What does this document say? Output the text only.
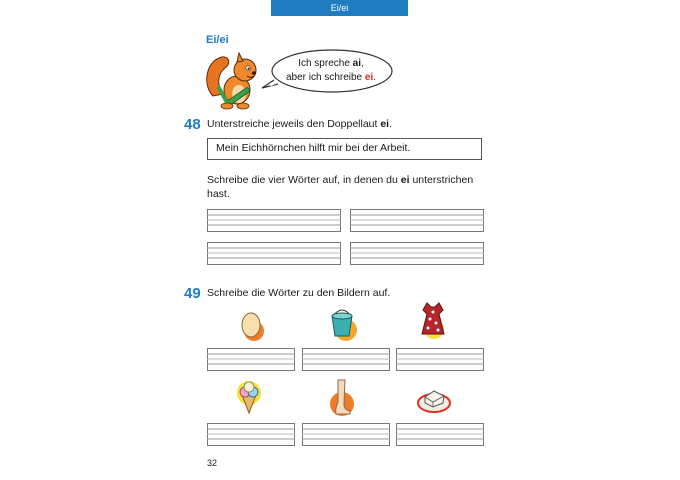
Ei/ei
Ei/ei
Ich spreche ai,
aber ich schreibe ei.
48 Unterstreiche jeweils den Doppellaut ei.
Mein Eichhörnchen hilft mir bei der Arbeit.
Schreibe die vier Wörter auf, in denen du ei unterstrichen
hast.
49 Schreibe die Wörter zu den Bildern auf.
32
